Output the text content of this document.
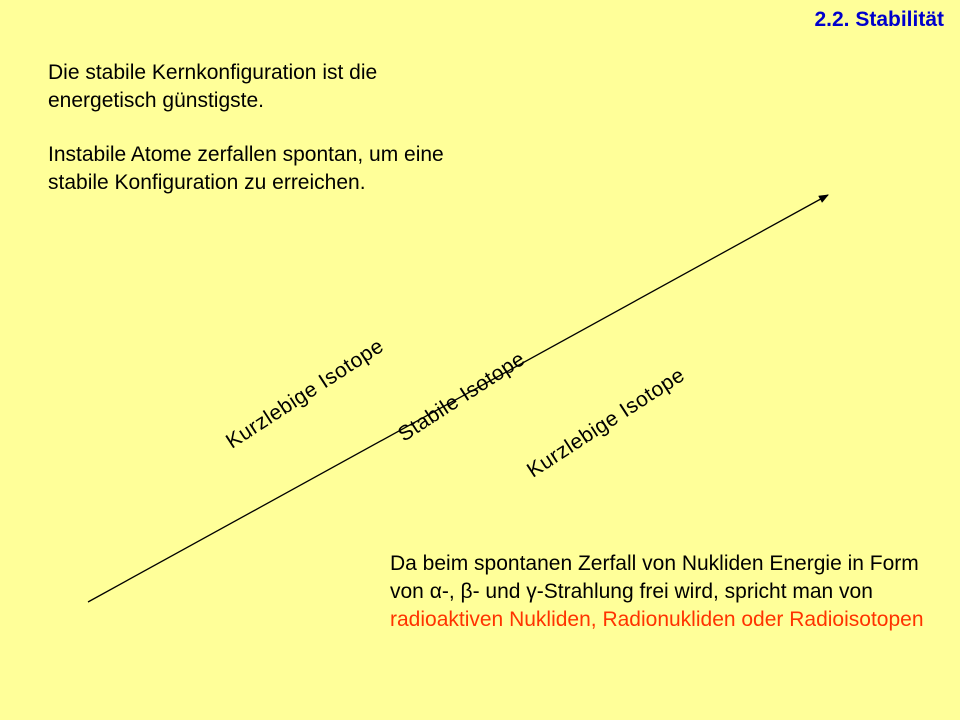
2.2. Stabilität

Die stabile Kernkonfiguration ist die energetisch günstigste.

Instabile Atome zerfallen spontan, um eine stabile Konfiguration zu erreichen.

Kurzlebige Isotope Stabile Isotope
Kurzlebige Isotope

Da beim spontanen Zerfall von Nukliden Energie in Form von α-, β- und γ-Strahlung frei wird, spricht man von radioaktiven Nukliden, Radionukliden oder Radioisotopen
